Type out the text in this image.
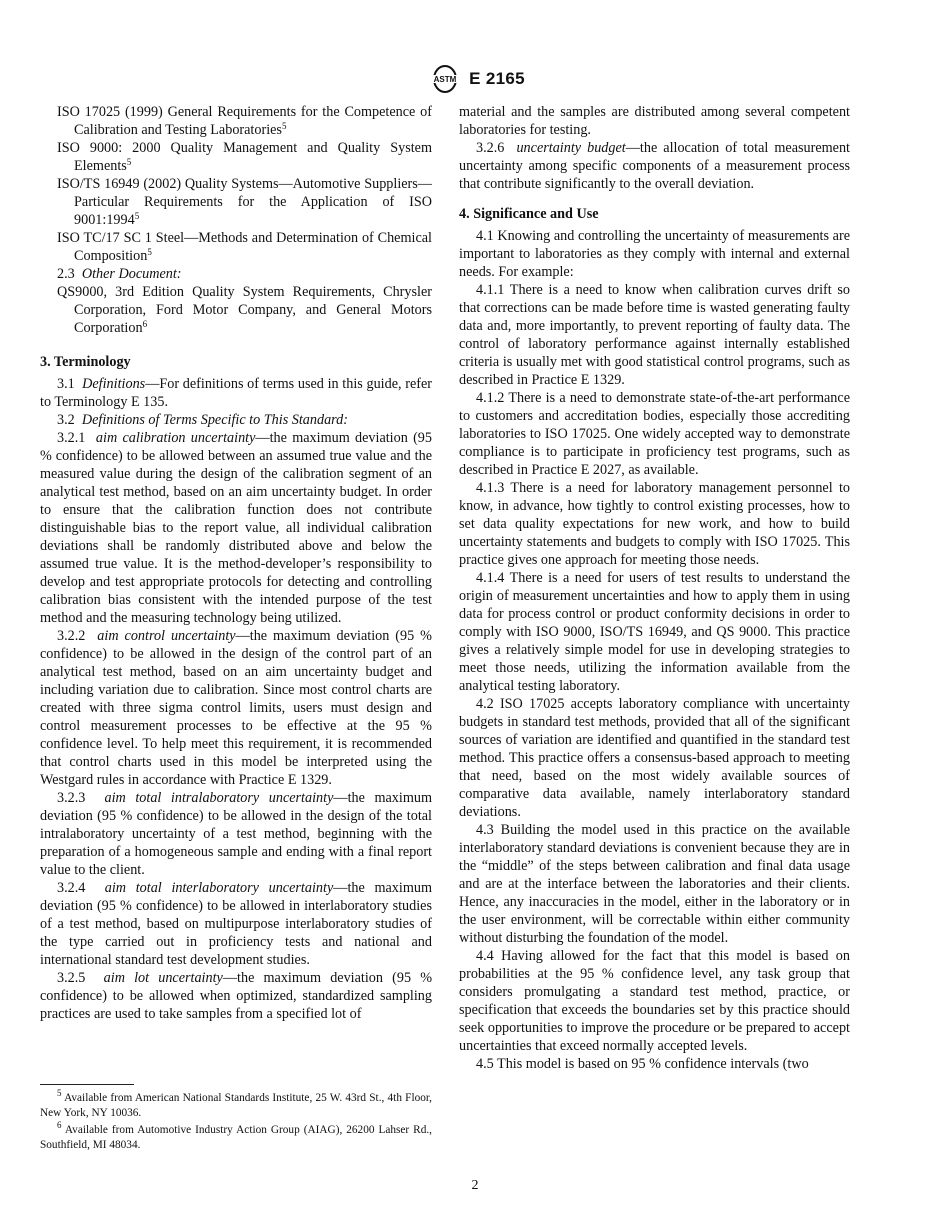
ASTM E 2165

ISO 17025 (1999) General Requirements for the Competence of Calibration and Testing Laboratories$^5$

ISO 9000: 2000 Quality Management and Quality System Elements$^5$

ISO/TS 16949 (2002) Quality Systems—Automotive Suppliers—Particular Requirements for the Application of ISO 9001:1994$^5$

ISO TC/17 SC 1 Steel—Methods and Determination of Chemical Composition$^5$

2.3 Other Document:

QS9000, 3rd Edition Quality System Requirements, Chrysler Corporation, Ford Motor Company, and General Motors Corporation$^6$

3. Terminology

3.1 Definitions—For definitions of terms used in this guide, refer to Terminology E 135.

3.2 Definitions of Terms Specific to This Standard:

3.2.1 aim calibration uncertainty—the maximum deviation (95 % confidence) to be allowed between an assumed true value and the measured value during the design of the calibration segment of an analytical test method, based on an aim uncertainty budget. In order to ensure that the calibration function does not contribute distinguishable bias to the report value, all individual calibration deviations shall be randomly distributed above and below the assumed true value. It is the method-developer’s responsibility to develop and test appropriate protocols for detecting and controlling calibration bias consistent with the intended purpose of the test method and the measuring technology being utilized.

3.2.2 aim control uncertainty—the maximum deviation (95 % confidence) to be allowed in the design of the control part of an analytical test method, based on an aim uncertainty budget and including variation due to calibration. Since most control charts are created with three sigma control limits, users must design and control measurement processes to be effective at the 95 % confidence level. To help meet this requirement, it is recommended that control charts used in this model be interpreted using the Westgard rules in accordance with Practice E 1329.

3.2.3 aim total intralaboratory uncertainty—the maximum deviation (95 % confidence) to be allowed in the design of the total intralaboratory uncertainty of a test method, beginning with the preparation of a homogeneous sample and ending with a final report value to the client.

3.2.4 aim total interlaboratory uncertainty—the maximum deviation (95 % confidence) to be allowed in interlaboratory studies of a test method, based on multipurpose interlaboratory studies of the type carried out in proficiency tests and national and international standard test development studies.

3.2.5 aim lot uncertainty—the maximum deviation (95 % confidence) to be allowed when optimized, standardized sampling practices are used to take samples from a specified lot of

material and the samples are distributed among several competent laboratories for testing.

3.2.6 uncertainty budget—the allocation of total measurement uncertainty among specific components of a measurement process that contribute significantly to the overall deviation.

4. Significance and Use

4.1 Knowing and controlling the uncertainty of measurements are important to laboratories as they comply with internal and external needs. For example:

4.1.1 There is a need to know when calibration curves drift so that corrections can be made before time is wasted generating faulty data and, more importantly, to prevent reporting of faulty data. The control of laboratory performance against internally established criteria is usually met with good statistical control programs, such as described in Practice E 1329.

4.1.2 There is a need to demonstrate state-of-the-art performance to customers and accreditation bodies, especially those accrediting laboratories to ISO 17025. One widely accepted way to demonstrate compliance is to participate in proficiency test programs, such as described in Practice E 2027, as available.

4.1.3 There is a need for laboratory management personnel to know, in advance, how tightly to control existing processes, how to set data quality expectations for new work, and how to build uncertainty statements and budgets to comply with ISO 17025. This practice gives one approach for meeting those needs.

4.1.4 There is a need for users of test results to understand the origin of measurement uncertainties and how to apply them in using data for process control or product conformity decisions in order to comply with ISO 9000, ISO/TS 16949, and QS 9000. This practice gives a relatively simple model for use in developing strategies to meet those needs, utilizing the information available from the analytical testing laboratory.

4.2 ISO 17025 accepts laboratory compliance with uncertainty budgets in standard test methods, provided that all of the significant sources of variation are identified and quantified in the standard test method. This practice offers a consensus-based approach to meeting that need, based on the most widely available sources of comparative data available, namely interlaboratory standard deviations.

4.3 Building the model used in this practice on the available interlaboratory standard deviations is convenient because they are in the “middle” of the steps between calibration and final data usage and are at the interface between the laboratories and their clients. Hence, any inaccuracies in the model, either in the laboratory or in the user environment, will be correctable within either community without disturbing the foundation of the model.

4.4 Having allowed for the fact that this model is based on probabilities at the 95 % confidence level, any task group that considers promulgating a standard test method, practice, or specification that exceeds the boundaries set by this practice should seek opportunities to improve the procedure or be prepared to accept uncertainties that exceed normally accepted levels.

4.5 This model is based on 95 % confidence intervals (two

$^5$ Available from American National Standards Institute, 25 W. 43rd St., 4th Floor, New York, NY 10036.

$^6$ Available from Automotive Industry Action Group (AIAG), 26200 Lahser Rd., Southfield, MI 48034.

2
